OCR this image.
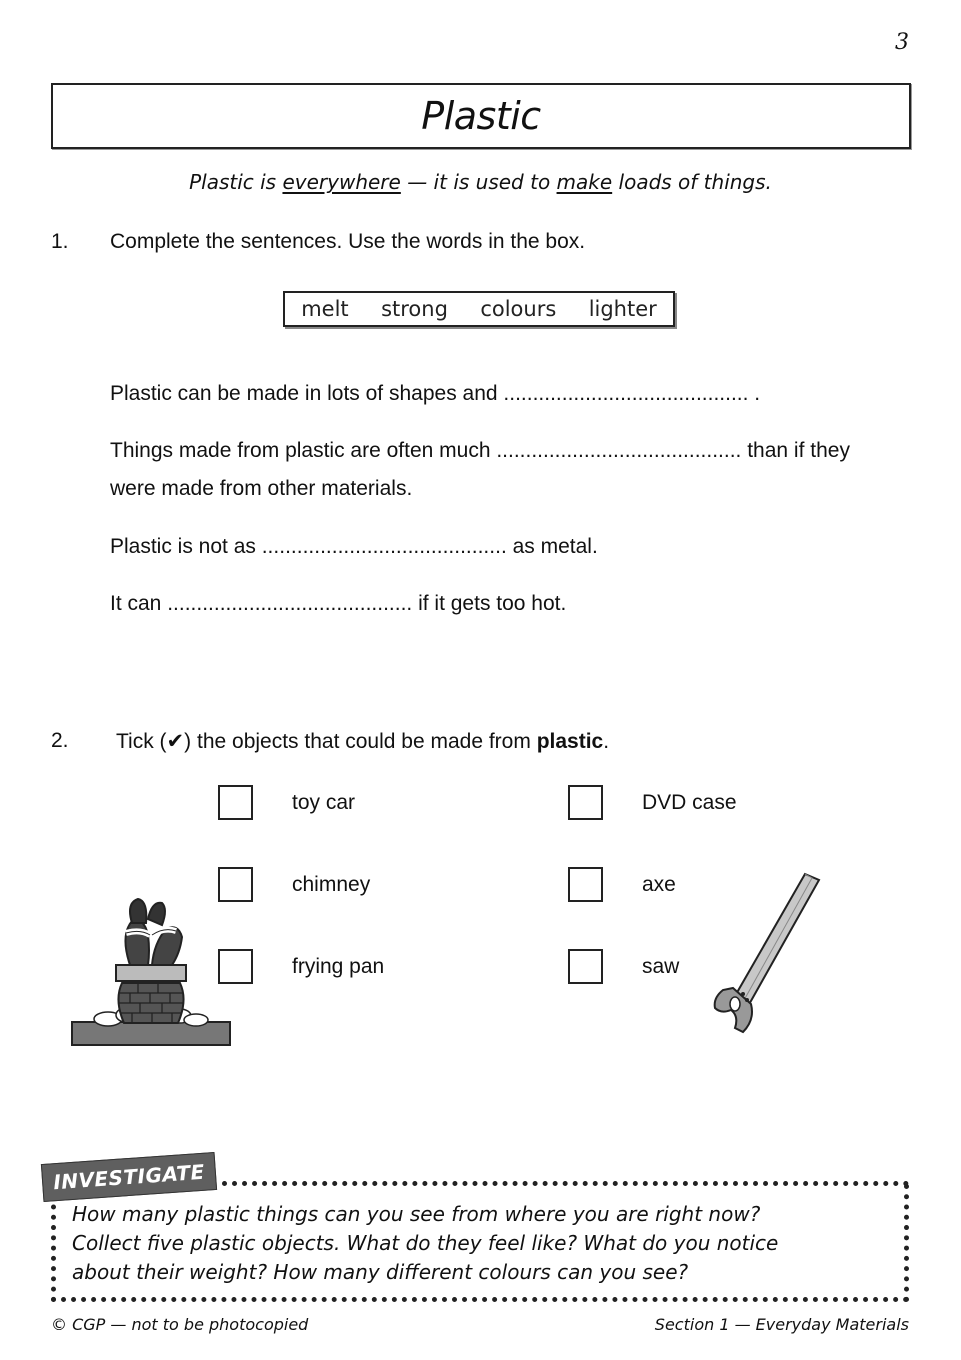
3
Plastic
Plastic is everywhere — it is used to make loads of things.
1. Complete the sentences. Use the words in the box.
melt strong colours lighter
Plastic can be made in lots of shapes and .......................................... .
Things made from plastic are often much .......................................... than if they were made from other materials.
Plastic is not as .......................................... as metal.
It can .......................................... if it gets too hot.
2. Tick (✔) the objects that could be made from plastic.
toy car
chimney
frying pan
DVD case
axe
saw
INVESTIGATE
How many plastic things can you see from where you are right now?
Collect five plastic objects. What do they feel like? What do you notice
about their weight? How many different colours can you see?
© CGP — not to be photocopied	Section 1 — Everyday Materials
